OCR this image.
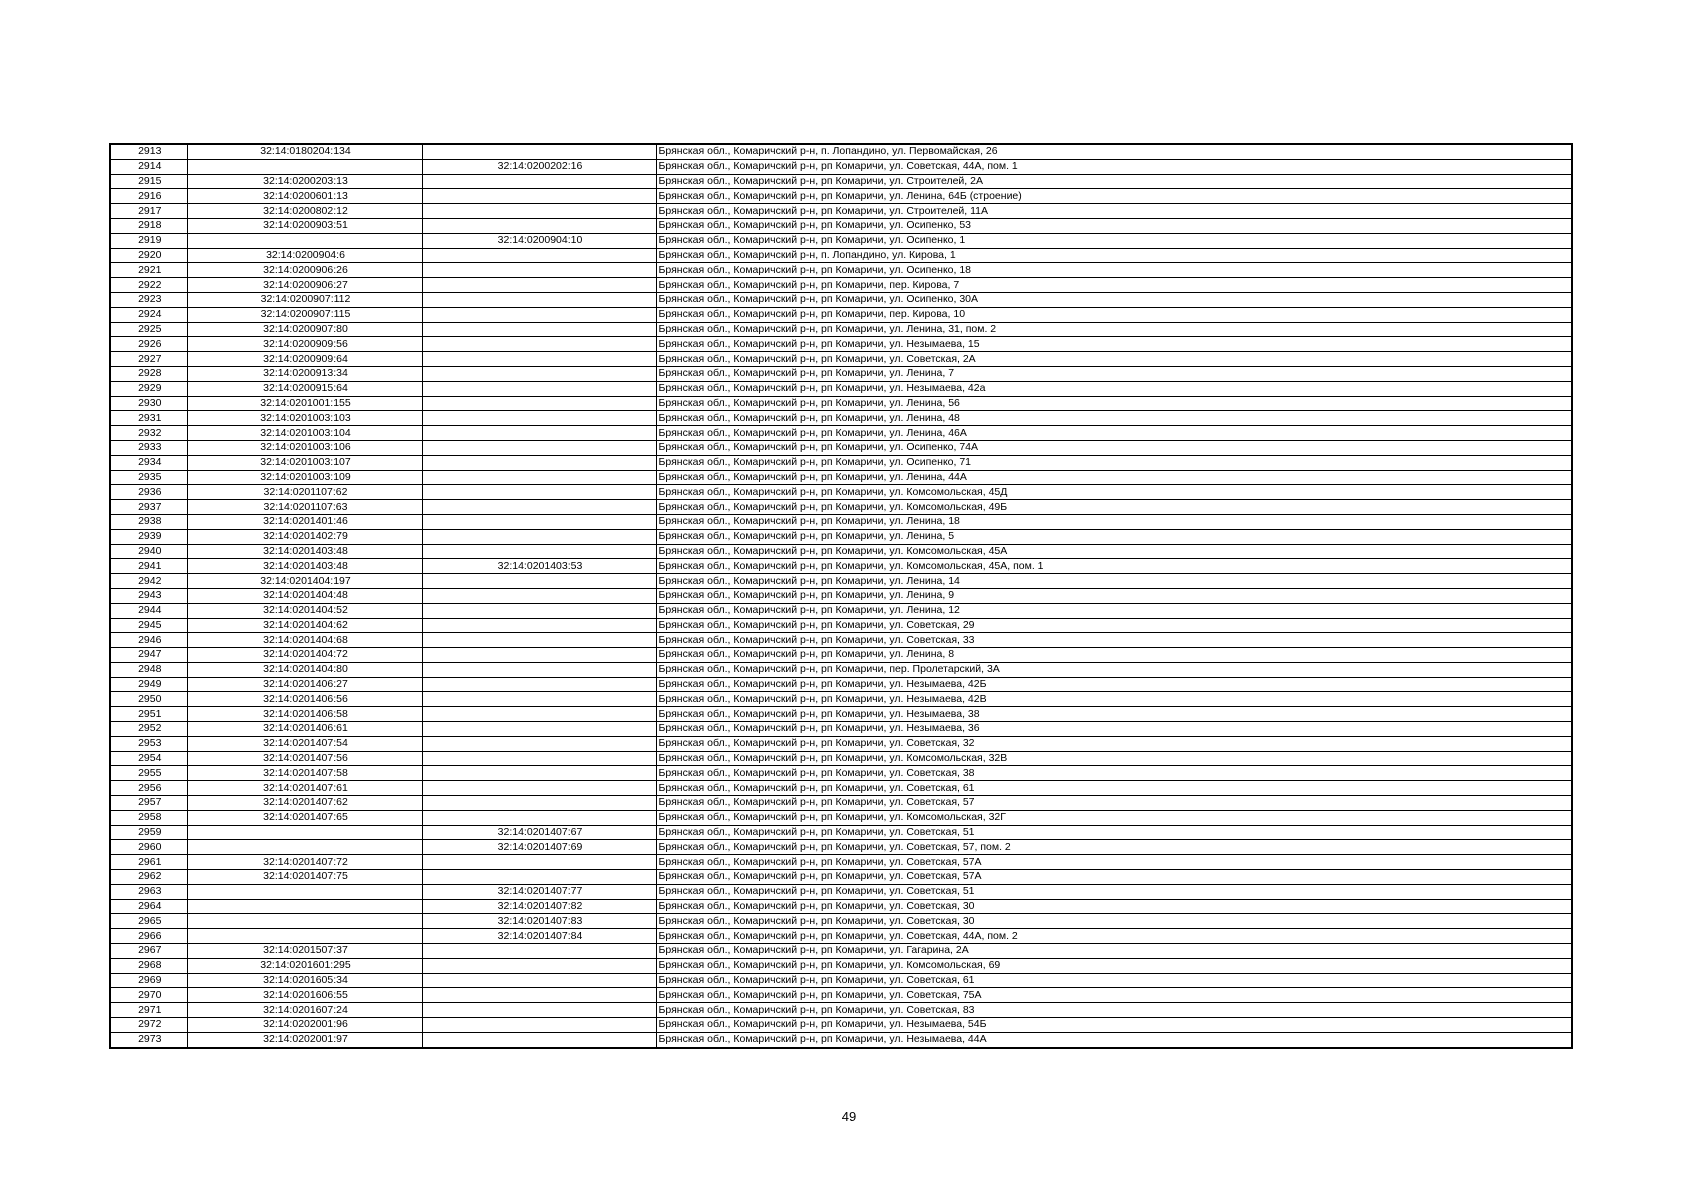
2913	32:14:0180204:134		Брянская обл., Комаричский р-н, п. Лопандино, ул. Первомайская, 26
2914		32:14:0200202:16	Брянская обл., Комаричский р-н, рп Комаричи, ул. Советская, 44А, пом. 1
2915	32:14:0200203:13		Брянская обл., Комаричский р-н, рп Комаричи, ул. Строителей, 2А
2916	32:14:0200601:13		Брянская обл., Комаричский р-н, рп Комаричи, ул. Ленина, 64Б (строение)
2917	32:14:0200802:12		Брянская обл., Комаричский р-н, рп Комаричи, ул. Строителей, 11А
2918	32:14:0200903:51		Брянская обл., Комаричский р-н, рп Комаричи, ул. Осипенко, 53
2919		32:14:0200904:10	Брянская обл., Комаричский р-н, рп Комаричи, ул. Осипенко, 1
2920	32:14:0200904:6		Брянская обл., Комаричский р-н, п. Лопандино, ул. Кирова, 1
2921	32:14:0200906:26		Брянская обл., Комаричский р-н, рп Комаричи, ул. Осипенко, 18
2922	32:14:0200906:27		Брянская обл., Комаричский р-н, рп Комаричи, пер. Кирова, 7
2923	32:14:0200907:112		Брянская обл., Комаричский р-н, рп Комаричи, ул. Осипенко, 30А
2924	32:14:0200907:115		Брянская обл., Комаричский р-н, рп Комаричи, пер. Кирова, 10
2925	32:14:0200907:80		Брянская обл., Комаричский р-н, рп Комаричи, ул. Ленина, 31, пом. 2
2926	32:14:0200909:56		Брянская обл., Комаричский р-н, рп Комаричи, ул. Незымаева, 15
2927	32:14:0200909:64		Брянская обл., Комаричский р-н, рп Комаричи, ул. Советская, 2А
2928	32:14:0200913:34		Брянская обл., Комаричский р-н, рп Комаричи, ул. Ленина, 7
2929	32:14:0200915:64		Брянская обл., Комаричский р-н, рп Комаричи, ул. Незымаева, 42а
2930	32:14:0201001:155		Брянская обл., Комаричский р-н, рп Комаричи, ул. Ленина, 56
2931	32:14:0201003:103		Брянская обл., Комаричский р-н, рп Комаричи, ул. Ленина, 48
2932	32:14:0201003:104		Брянская обл., Комаричский р-н, рп Комаричи, ул. Ленина, 46А
2933	32:14:0201003:106		Брянская обл., Комаричский р-н, рп Комаричи, ул. Осипенко, 74А
2934	32:14:0201003:107		Брянская обл., Комаричский р-н, рп Комаричи, ул. Осипенко, 71
2935	32:14:0201003:109		Брянская обл., Комаричский р-н, рп Комаричи, ул. Ленина, 44А
2936	32:14:0201107:62		Брянская обл., Комаричский р-н, рп Комаричи, ул. Комсомольская, 45Д
2937	32:14:0201107:63		Брянская обл., Комаричский р-н, рп Комаричи, ул. Комсомольская, 49Б
2938	32:14:0201401:46		Брянская обл., Комаричский р-н, рп Комаричи, ул. Ленина, 18
2939	32:14:0201402:79		Брянская обл., Комаричский р-н, рп Комаричи, ул. Ленина, 5
2940	32:14:0201403:48		Брянская обл., Комаричский р-н, рп Комаричи, ул. Комсомольская, 45А
2941	32:14:0201403:48	32:14:0201403:53	Брянская обл., Комаричский р-н, рп Комаричи, ул. Комсомольская, 45А, пом. 1
2942	32:14:0201404:197		Брянская обл., Комаричский р-н, рп Комаричи, ул. Ленина, 14
2943	32:14:0201404:48		Брянская обл., Комаричский р-н, рп Комаричи, ул. Ленина, 9
2944	32:14:0201404:52		Брянская обл., Комаричский р-н, рп Комаричи, ул. Ленина, 12
2945	32:14:0201404:62		Брянская обл., Комаричский р-н, рп Комаричи, ул. Советская, 29
2946	32:14:0201404:68		Брянская обл., Комаричский р-н, рп Комаричи, ул. Советская, 33
2947	32:14:0201404:72		Брянская обл., Комаричский р-н, рп Комаричи, ул. Ленина, 8
2948	32:14:0201404:80		Брянская обл., Комаричский р-н, рп Комаричи, пер. Пролетарский, 3А
2949	32:14:0201406:27		Брянская обл., Комаричский р-н, рп Комаричи, ул. Незымаева, 42Б
2950	32:14:0201406:56		Брянская обл., Комаричский р-н, рп Комаричи, ул. Незымаева, 42В
2951	32:14:0201406:58		Брянская обл., Комаричский р-н, рп Комаричи, ул. Незымаева, 38
2952	32:14:0201406:61		Брянская обл., Комаричский р-н, рп Комаричи, ул. Незымаева, 36
2953	32:14:0201407:54		Брянская обл., Комаричский р-н, рп Комаричи, ул. Советская, 32
2954	32:14:0201407:56		Брянская обл., Комаричский р-н, рп Комаричи, ул. Комсомольская, 32В
2955	32:14:0201407:58		Брянская обл., Комаричский р-н, рп Комаричи, ул. Советская, 38
2956	32:14:0201407:61		Брянская обл., Комаричский р-н, рп Комаричи, ул. Советская, 61
2957	32:14:0201407:62		Брянская обл., Комаричский р-н, рп Комаричи, ул. Советская, 57
2958	32:14:0201407:65		Брянская обл., Комаричский р-н, рп Комаричи, ул. Комсомольская, 32Г
2959		32:14:0201407:67	Брянская обл., Комаричский р-н, рп Комаричи, ул. Советская, 51
2960		32:14:0201407:69	Брянская обл., Комаричский р-н, рп Комаричи, ул. Советская, 57, пом. 2
2961	32:14:0201407:72		Брянская обл., Комаричский р-н, рп Комаричи, ул. Советская, 57А
2962	32:14:0201407:75		Брянская обл., Комаричский р-н, рп Комаричи, ул. Советская, 57А
2963		32:14:0201407:77	Брянская обл., Комаричский р-н, рп Комаричи, ул. Советская, 51
2964		32:14:0201407:82	Брянская обл., Комаричский р-н, рп Комаричи, ул. Советская, 30
2965		32:14:0201407:83	Брянская обл., Комаричский р-н, рп Комаричи, ул. Советская, 30
2966		32:14:0201407:84	Брянская обл., Комаричский р-н, рп Комаричи, ул. Советская, 44А, пом. 2
2967	32:14:0201507:37		Брянская обл., Комаричский р-н, рп Комаричи, ул. Гагарина, 2А
2968	32:14:0201601:295		Брянская обл., Комаричский р-н, рп Комаричи, ул. Комсомольская, 69
2969	32:14:0201605:34		Брянская обл., Комаричский р-н, рп Комаричи, ул. Советская, 61
2970	32:14:0201606:55		Брянская обл., Комаричский р-н, рп Комаричи, ул. Советская, 75А
2971	32:14:0201607:24		Брянская обл., Комаричский р-н, рп Комаричи, ул. Советская, 83
2972	32:14:0202001:96		Брянская обл., Комаричский р-н, рп Комаричи, ул. Незымаева, 54Б
2973	32:14:0202001:97		Брянская обл., Комаричский р-н, рп Комаричи, ул. Незымаева, 44А
49
